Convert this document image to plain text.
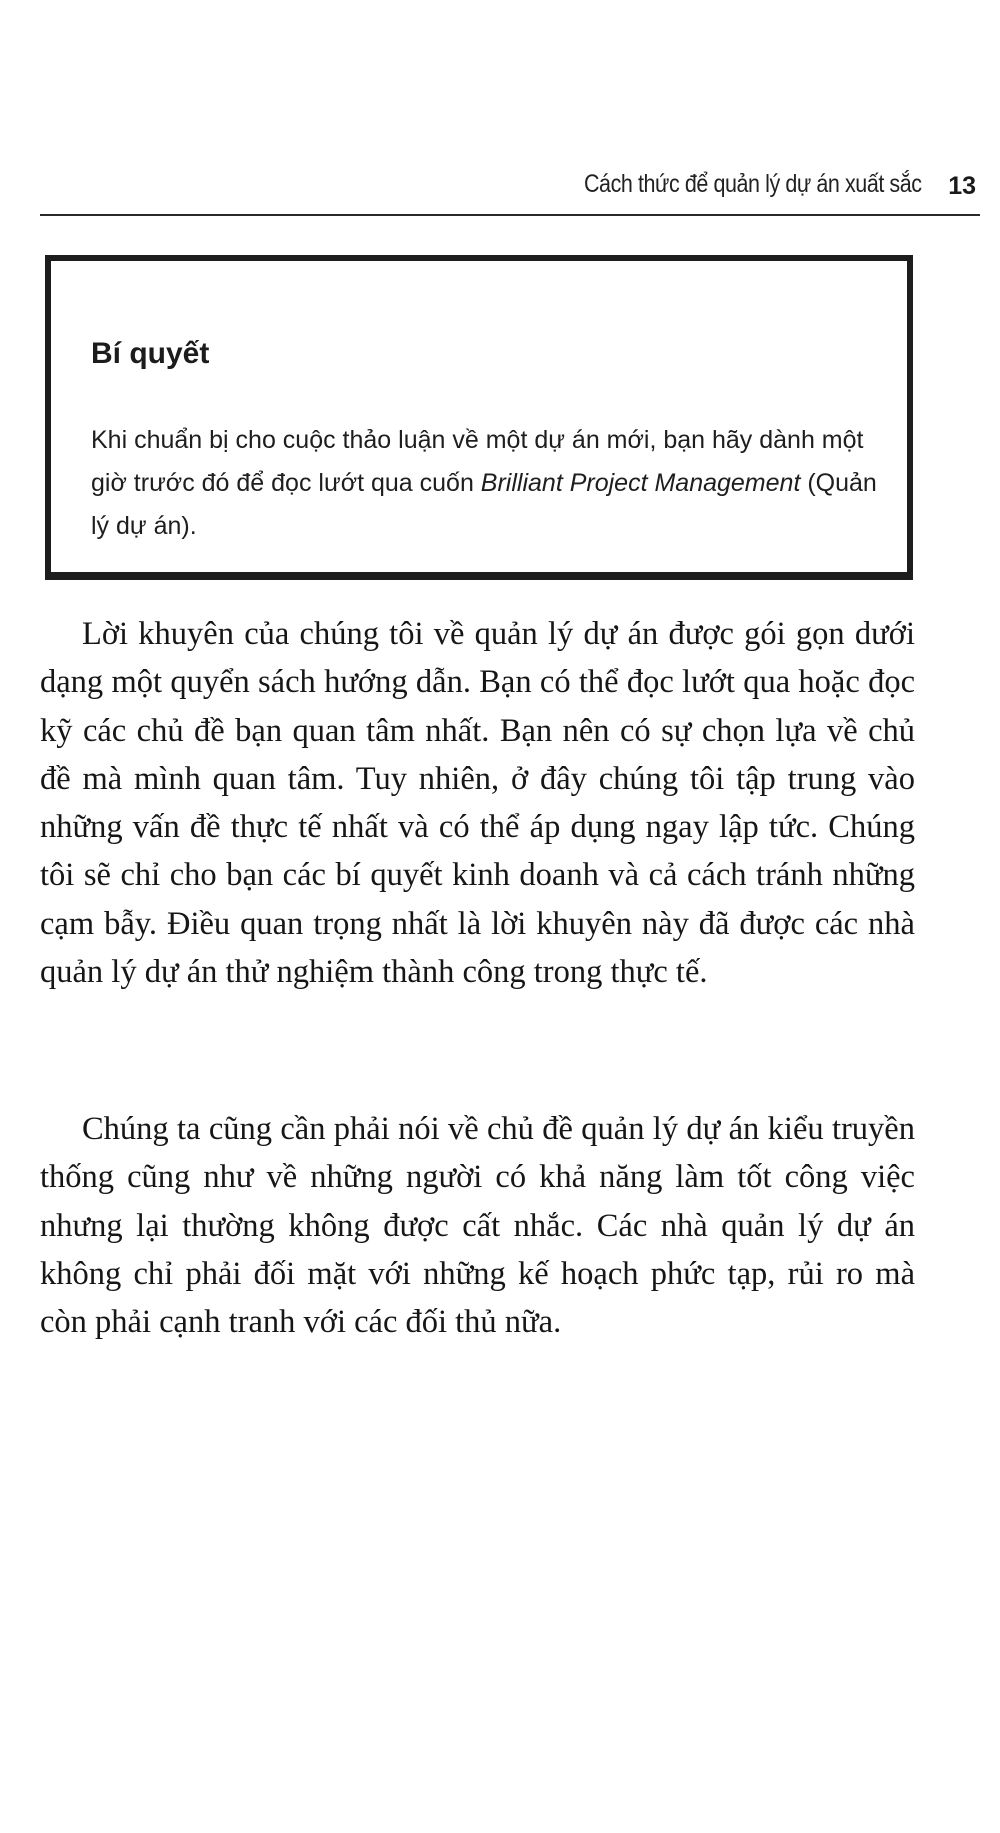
Cách thức để quản lý dự án xuất sắc 13
Bí quyết

Khi chuẩn bị cho cuộc thảo luận về một dự án mới, bạn hãy dành một giờ trước đó để đọc lướt qua cuốn Brilliant Project Management (Quản lý dự án).

Lời khuyên của chúng tôi về quản lý dự án được gói gọn dưới dạng một quyển sách hướng dẫn. Bạn có thể đọc lướt qua hoặc đọc kỹ các chủ đề bạn quan tâm nhất. Bạn nên có sự chọn lựa về chủ đề mà mình quan tâm. Tuy nhiên, ở đây chúng tôi tập trung vào những vấn đề thực tế nhất và có thể áp dụng ngay lập tức. Chúng tôi sẽ chỉ cho bạn các bí quyết kinh doanh và cả cách tránh những cạm bẫy. Điều quan trọng nhất là lời khuyên này đã được các nhà quản lý dự án thử nghiệm thành công trong thực tế.

Chúng ta cũng cần phải nói về chủ đề quản lý dự án kiểu truyền thống cũng như về những người có khả năng làm tốt công việc nhưng lại thường không được cất nhắc. Các nhà quản lý dự án không chỉ phải đối mặt với những kế hoạch phức tạp, rủi ro mà còn phải cạnh tranh với các đối thủ nữa.
